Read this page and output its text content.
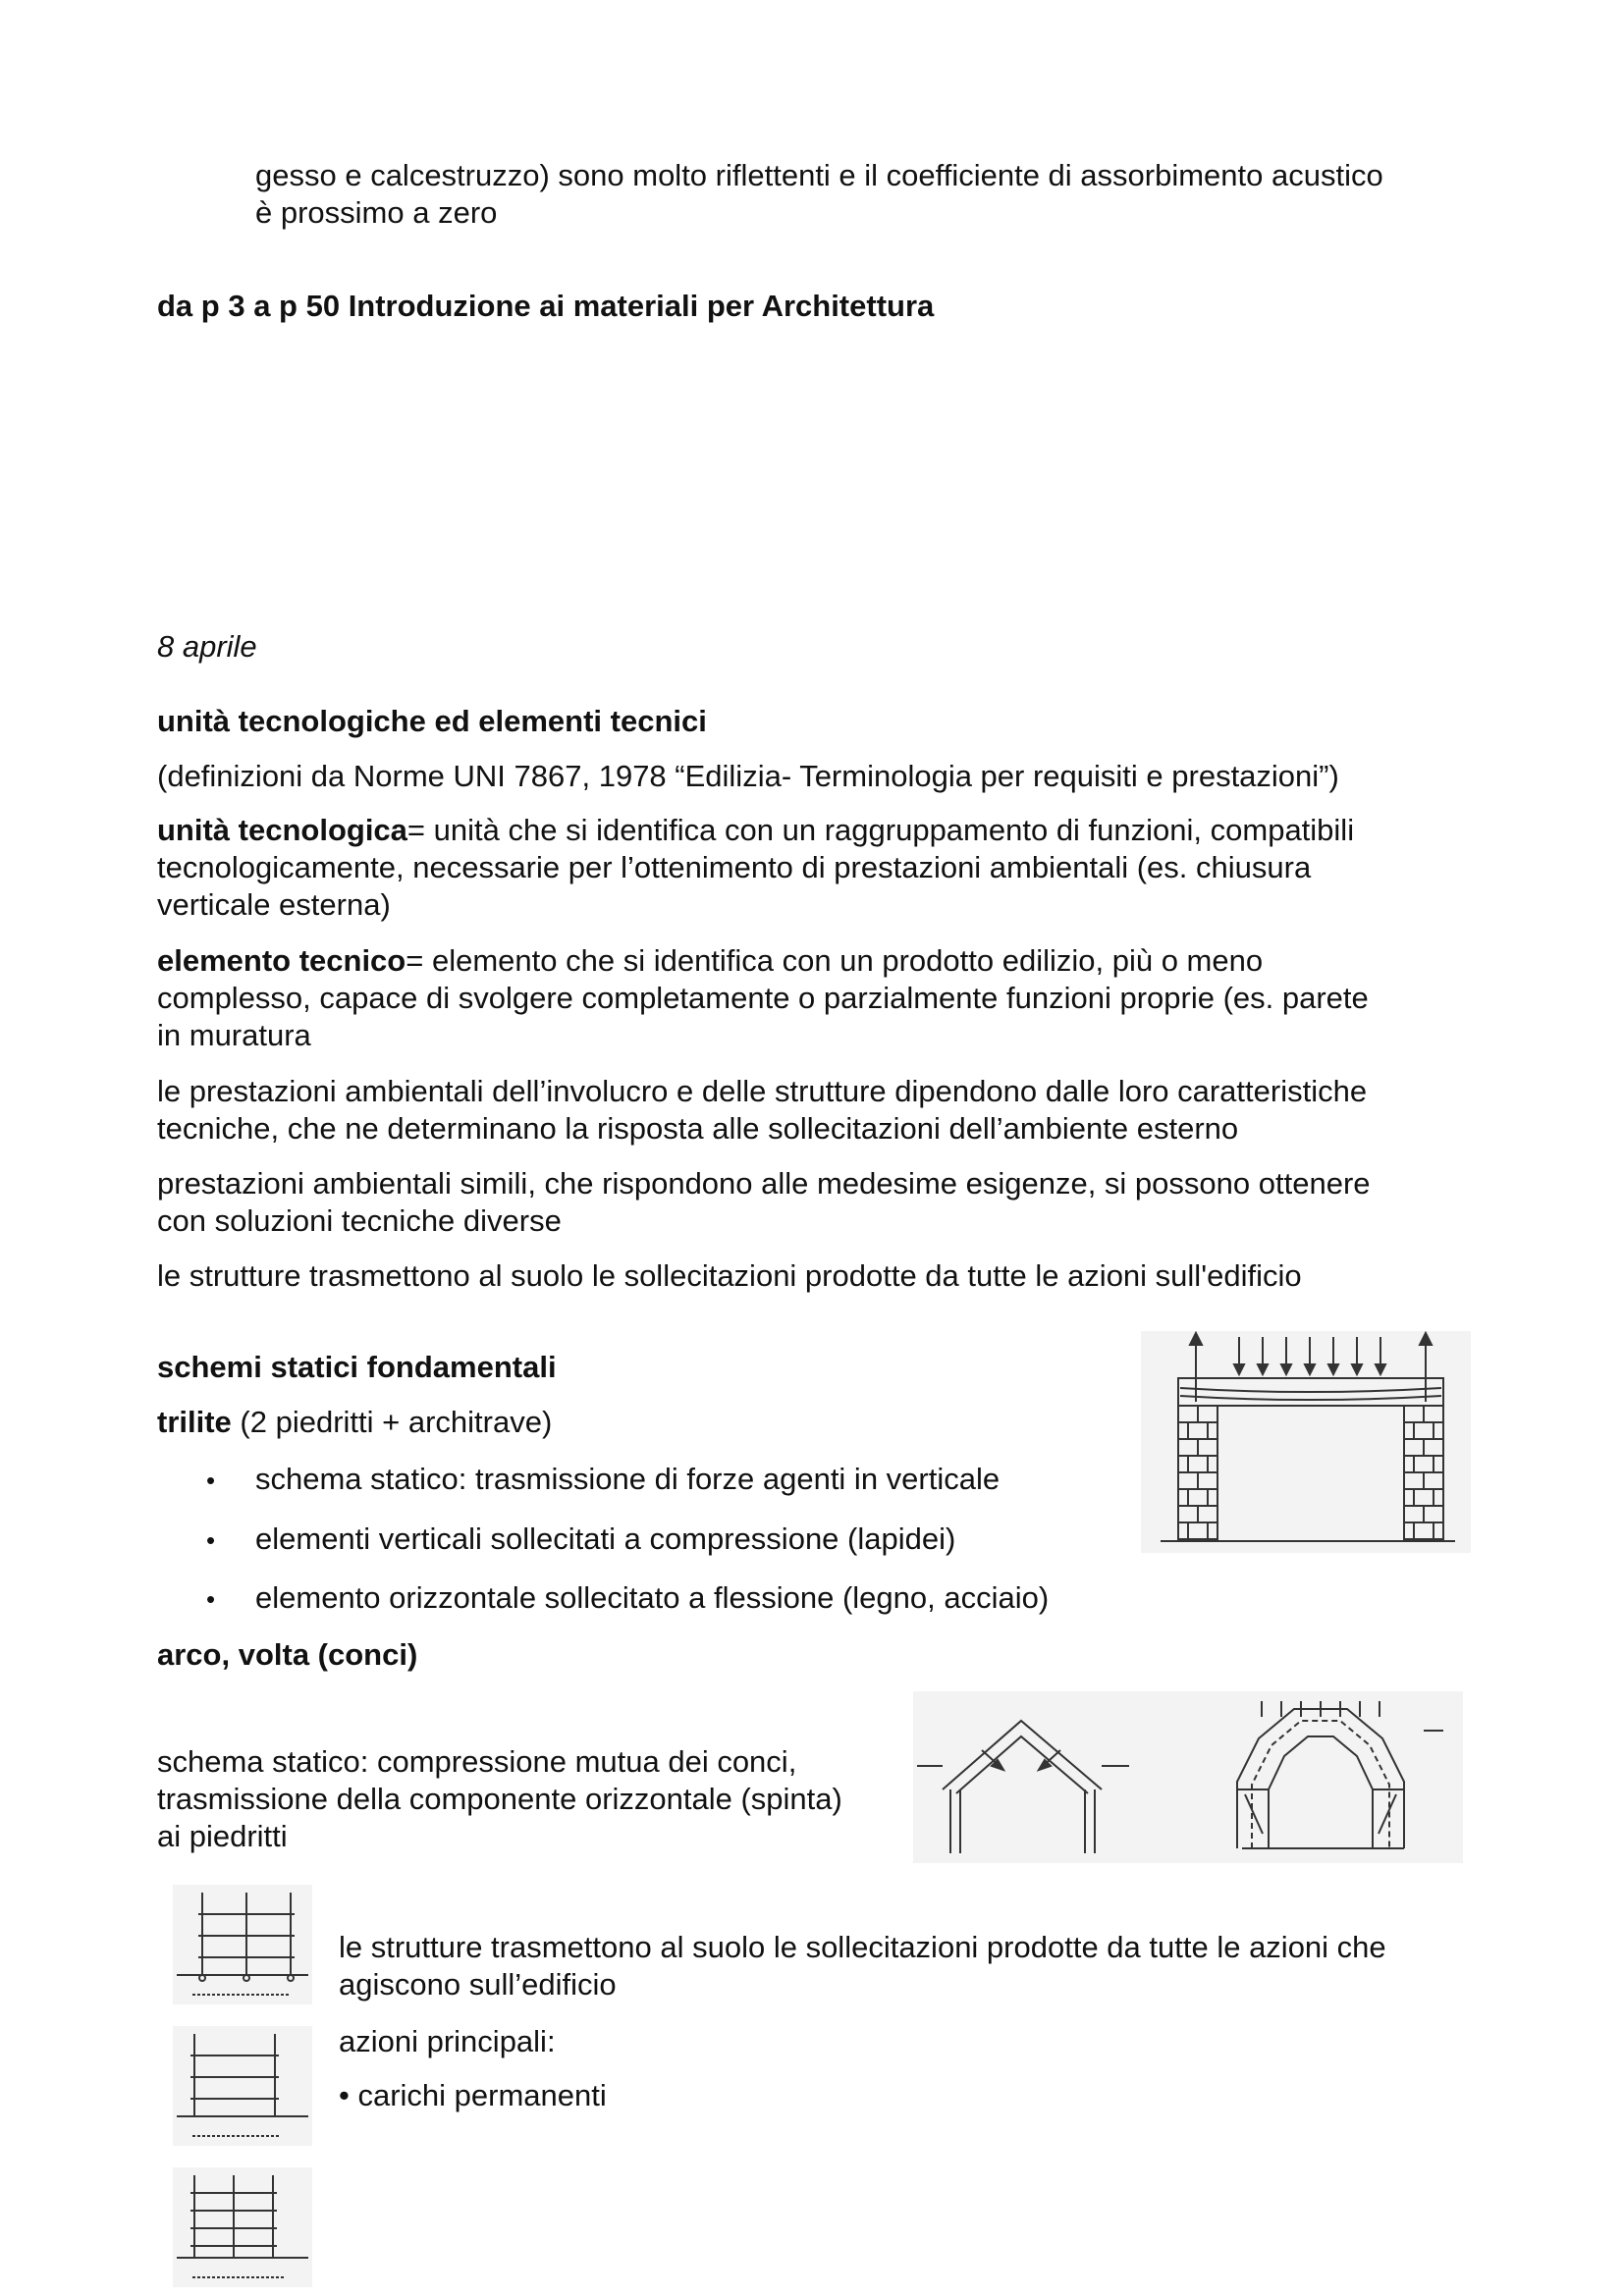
gesso e calcestruzzo) sono molto riflettenti e il coefficiente di assorbimento acustico
è prossimo a zero
da p 3 a p 50 Introduzione ai materiali per Architettura
8 aprile
unità tecnologiche ed elementi tecnici
(definizioni da Norme UNI 7867, 1978 “Edilizia- Terminologia per requisiti e prestazioni”)
unità tecnologica= unità che si identifica con un raggruppamento di funzioni, compatibili
tecnologicamente, necessarie per l’ottenimento di prestazioni ambientali (es. chiusura
verticale esterna)
elemento tecnico= elemento che si identifica con un prodotto edilizio, più o meno
complesso, capace di svolgere completamente o parzialmente funzioni proprie (es. parete
in muratura
le prestazioni ambientali dell’involucro e delle strutture dipendono dalle loro caratteristiche
tecniche, che ne determinano la risposta alle sollecitazioni dell’ambiente esterno
prestazioni ambientali simili, che rispondono alle medesime esigenze, si possono ottenere
con soluzioni tecniche diverse
le strutture trasmettono al suolo le sollecitazioni prodotte da tutte le azioni sull'edificio
schemi statici fondamentali
trilite (2 piedritti + architrave)
• schema statico: trasmissione di forze agenti in verticale
• elementi verticali sollecitati a compressione (lapidei)
• elemento orizzontale sollecitato a flessione (legno, acciaio)
arco, volta (conci)
schema statico: compressione mutua dei conci,
trasmissione della componente orizzontale (spinta)
ai piedritti
le strutture trasmettono al suolo le sollecitazioni prodotte da tutte le azioni che
agiscono sull’edificio
azioni principali:
• carichi permanenti
